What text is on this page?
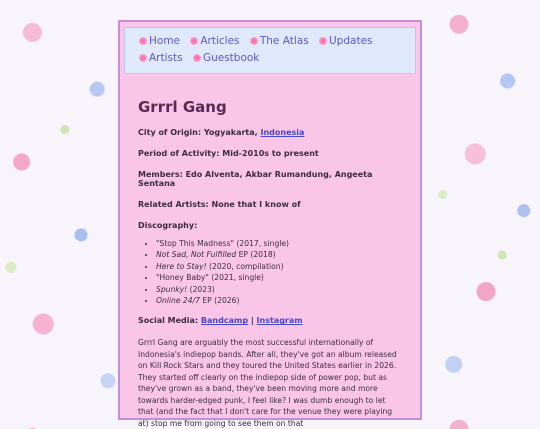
Home Articles The Atlas Updates Artists Guestbook
Grrrl Gang

City of Origin: Yogyakarta, Indonesia

Period of Activity: Mid-2010s to present

Members: Edo Alventa, Akbar Rumandung, Angeeta Sentana

Related Artists: None that I know of

Discography:

• "Stop This Madness" (2017, single)
• Not Sad, Not Fulfilled EP (2018)
• Here to Stay! (2020, compilation)
• "Honey Baby" (2021, single)
• Spunky! (2023)
• Online 24/7 EP (2026)

Social Media: Bandcamp | Instagram

Grrrl Gang are arguably the most successful internationally of Indonesia's indiepop bands. After all, they've got an album released on Kill Rock Stars and they toured the United States earlier in 2026. They started off clearly on the indiepop side of power pop, but as they've grown as a band, they've been moving more and more towards harder-edged punk, I feel like? I was dumb enough to let that (and the fact that I don't care for the venue they were playing at) stop me from going to see them on that
